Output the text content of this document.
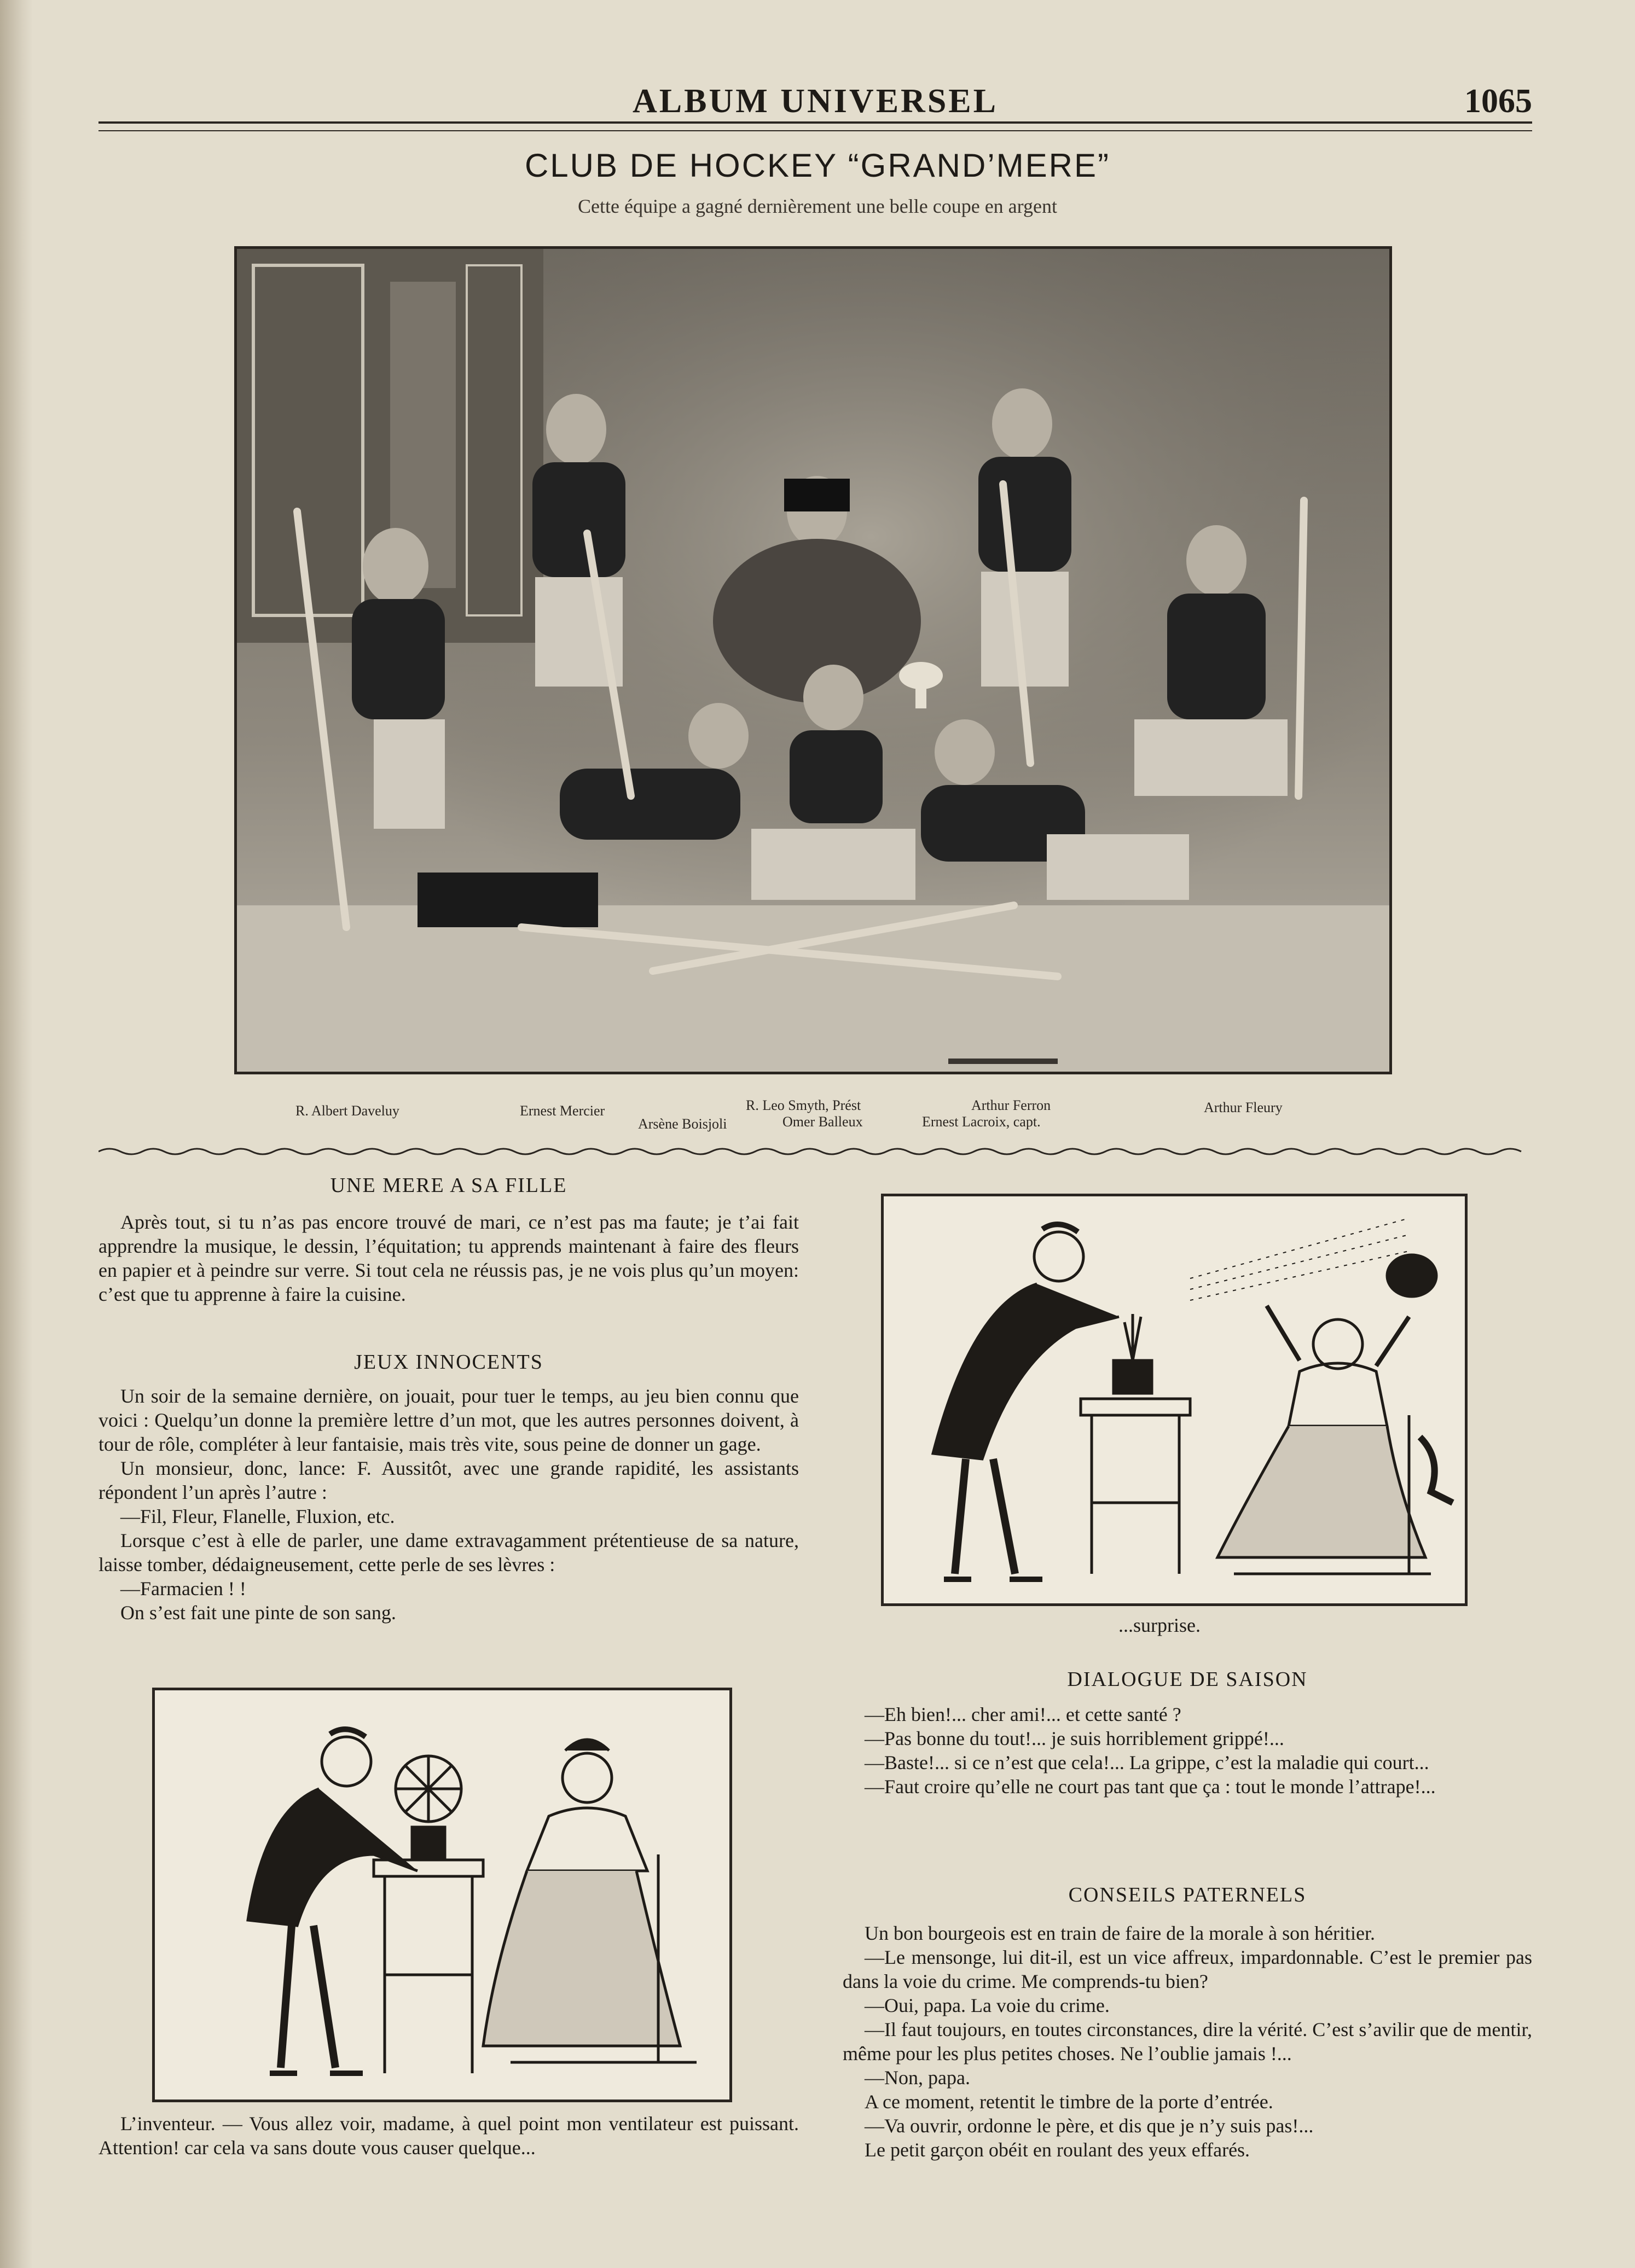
ALBUM UNIVERSEL	1065
CLUB DE HOCKEY “GRAND’MERE”
Cette équipe a gagné dernièrement une belle coupe en argent
R. Albert Daveluy	Ernest Mercier	R. Leo Smyth, Prést
Arsène Boisjoli	Omer Balleux
Arthur Ferron
Ernest Lacroix, capt.
Arthur Fleury
UNE MERE A SA FILLE

Après tout, si tu n’as pas encore trouvé de mari, ce n’est pas ma faute; je t’ai fait apprendre la musique, le dessin, l’équitation; tu apprends maintenant à faire des fleurs en papier et à peindre sur verre. Si tout cela ne réussis pas, je ne vois plus qu’un moyen: c’est que tu apprenne à faire la cuisine.

JEUX INNOCENTS

Un soir de la semaine dernière, on jouait, pour tuer le temps, au jeu bien connu que voici : Quelqu’un donne la première lettre d’un mot, que les autres personnes doivent, à tour de rôle, compléter à leur fantaisie, mais très vite, sous peine de donner un gage.

Un monsieur, donc, lance: F. Aussitôt, avec une grande rapidité, les assistants répondent l’un après l’autre :

—Fil, Fleur, Flanelle, Fluxion, etc.

Lorsque c’est à elle de parler, une dame extravagamment prétentieuse de sa nature, laisse tomber, dédaigneusement, cette perle de ses lèvres :

—Farmacien ! !

On s’est fait une pinte de son sang.

L’inventeur. — Vous allez voir, madame, à quel point mon ventilateur est puissant. Attention! car cela va sans doute vous causer quelque...

...surprise.
DIALOGUE DE SAISON

—Eh bien!... cher ami!... et cette santé ?

—Pas bonne du tout!... je suis horriblement grippé!...

—Baste!... si ce n’est que cela!... La grippe, c’est la maladie qui court...

—Faut croire qu’elle ne court pas tant que ça : tout le monde l’attrape!...

CONSEILS PATERNELS

Un bon bourgeois est en train de faire de la morale à son héritier.

—Le mensonge, lui dit-il, est un vice affreux, impardonnable. C’est le premier pas dans la voie du crime. Me comprends-tu bien?

—Oui, papa. La voie du crime.

—Il faut toujours, en toutes circonstances, dire la vérité. C’est s’avilir que de mentir, même pour les plus petites choses. Ne l’oublie jamais !...

—Non, papa.

A ce moment, retentit le timbre de la porte d’entrée.

—Va ouvrir, ordonne le père, et dis que je n’y suis pas!...

Le petit garçon obéit en roulant des yeux effarés.
